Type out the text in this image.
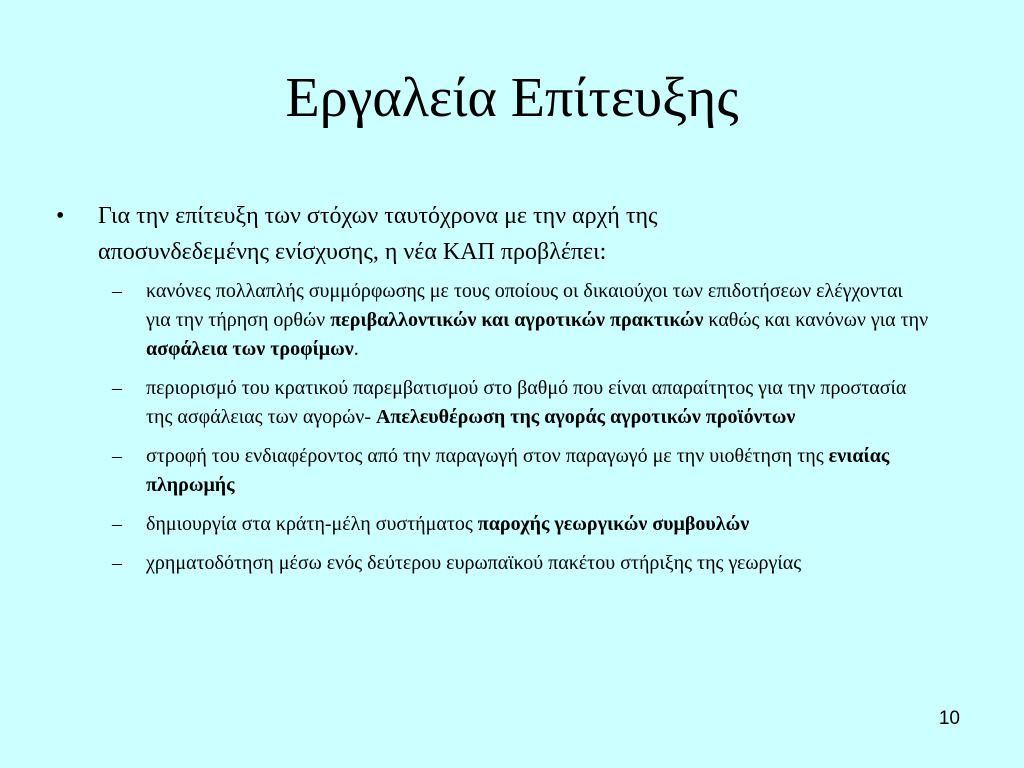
Εργαλεία Επίτευξης
•	Για την επίτευξη των στόχων ταυτόχρονα με την αρχή της αποσυνδεδεμένης ενίσχυσης, η νέα ΚΑΠ προβλέπει:
– κανόνες πολλαπλής συμμόρφωσης με τους οποίους οι δικαιούχοι των επιδοτήσεων ελέγχονται για την τήρηση ορθών περιβαλλοντικών και αγροτικών πρακτικών καθώς και κανόνων για την ασφάλεια των τροφίμων.
– περιορισμό του κρατικού παρεμβατισμού στο βαθμό που είναι απαραίτητος για την προστασία της ασφάλειας των αγορών- Απελευθέρωση της αγοράς αγροτικών προϊόντων
– στροφή του ενδιαφέροντος από την παραγωγή στον παραγωγό με την υιοθέτηση της ενιαίας πληρωμής
– δημιουργία στα κράτη-μέλη συστήματος παροχής γεωργικών συμβουλών
– χρηματοδότηση μέσω ενός δεύτερου ευρωπαϊκού πακέτου στήριξης της γεωργίας
10
